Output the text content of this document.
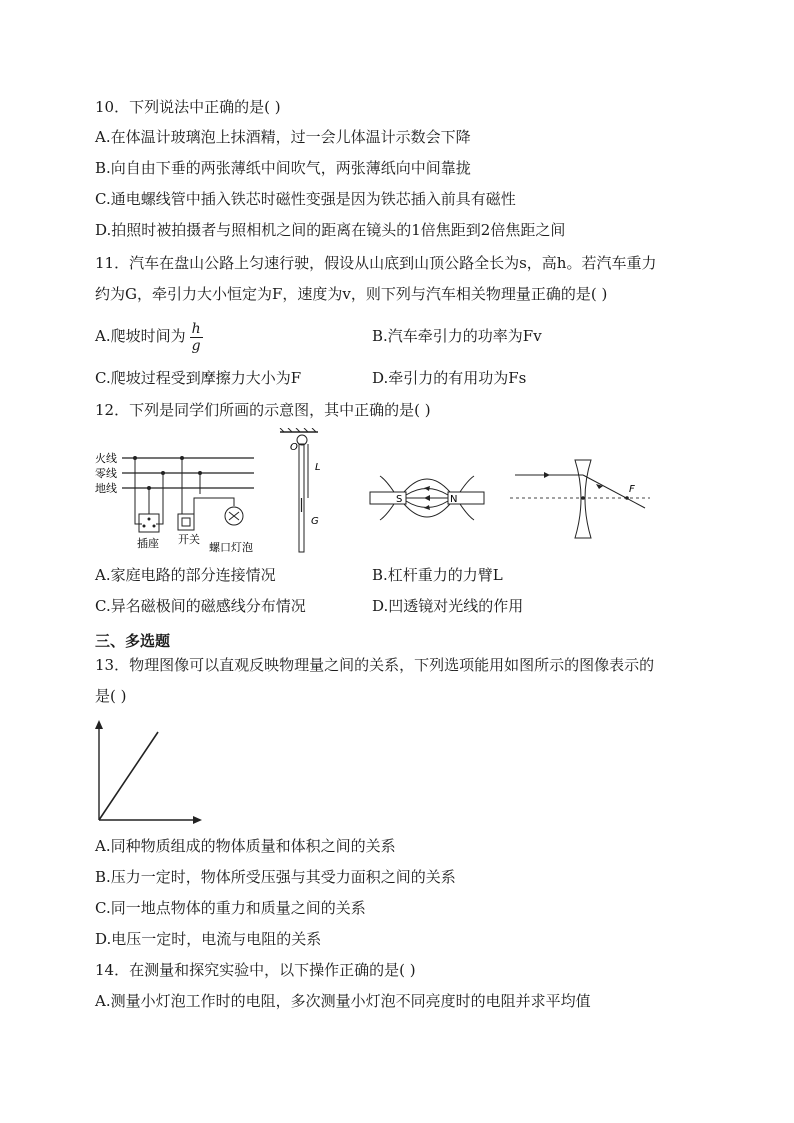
10．下列说法中正确的是( )
A.在体温计玻璃泡上抹酒精，过一会儿体温计示数会下降
B.向自由下垂的两张薄纸中间吹气，两张薄纸向中间靠拢
C.通电螺线管中插入铁芯时磁性变强是因为铁芯插入前具有磁性
D.拍照时被拍摄者与照相机之间的距离在镜头的1倍焦距到2倍焦距之间
11．汽车在盘山公路上匀速行驶，假设从山底到山顶公路全长为s，高h。若汽车重力
约为G，牵引力大小恒定为F，速度为v，则下列与汽车相关物理量正确的是( )
A.爬坡时间为 $\frac{h}{g}$	B.汽车牵引力的功率为Fv
C.爬坡过程受到摩擦力大小为F	D.牵引力的有用功为Fs
12．下列是同学们所画的示意图，其中正确的是( )
火线
零线
地线
插座 开关
螺口灯泡
O
L
G
S	N
F
A.家庭电路的部分连接情况	B.杠杆重力的力臂L
C.异名磁极间的磁感线分布情况	D.凹透镜对光线的作用
三、多选题
13．物理图像可以直观反映物理量之间的关系，下列选项能用如图所示的图像表示的
是( )
A.同种物质组成的物体质量和体积之间的关系
B.压力一定时，物体所受压强与其受力面积之间的关系
C.同一地点物体的重力和质量之间的关系
D.电压一定时，电流与电阻的关系
14．在测量和探究实验中，以下操作正确的是( )
A.测量小灯泡工作时的电阻，多次测量小灯泡不同亮度时的电阻并求平均值
